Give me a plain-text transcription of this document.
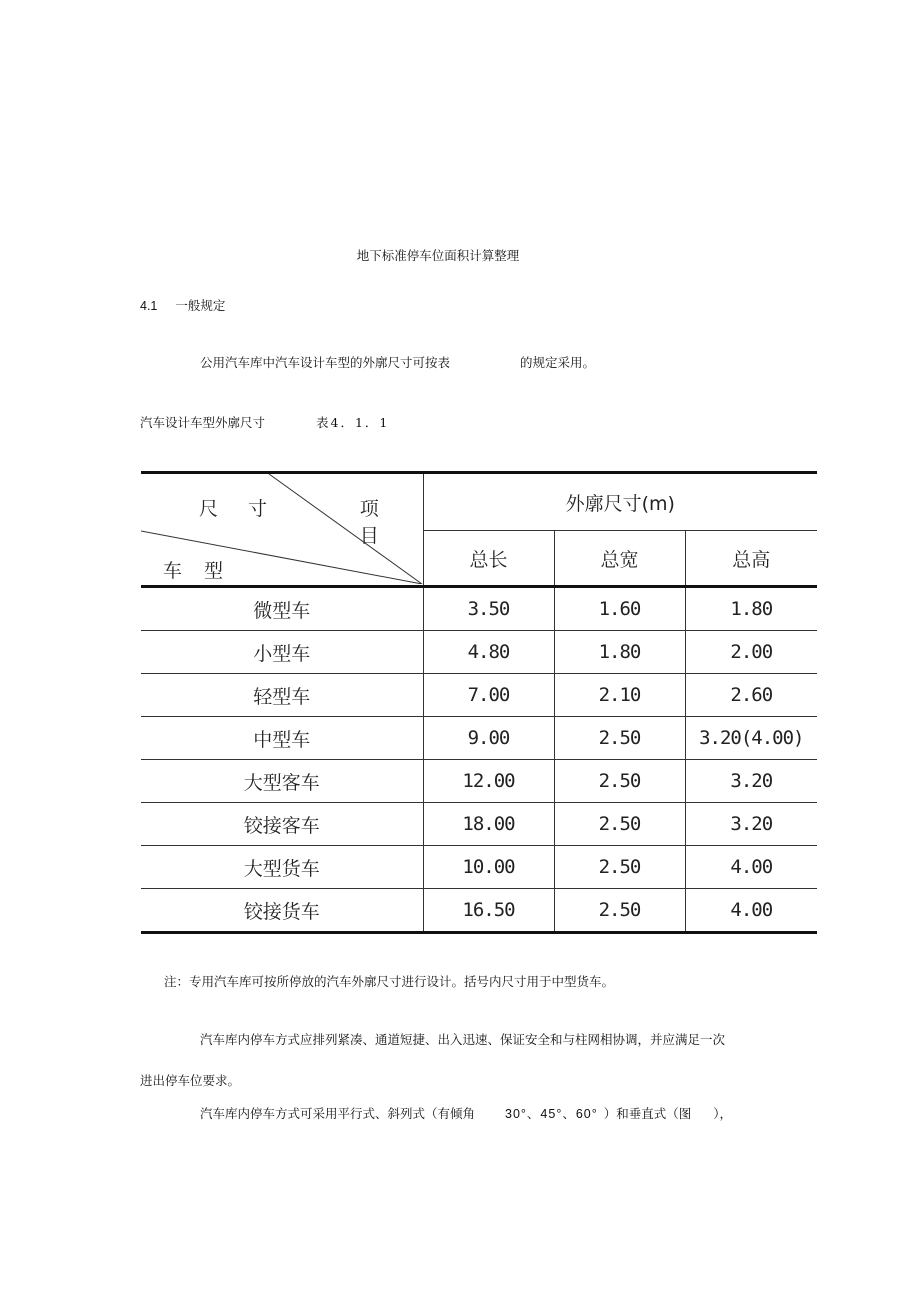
地下标准停车位面积计算整理
4.1 一般规定
公用汽车库中汽车设计车型的外廓尺寸可按表	的规定采用。
汽车设计车型外廓尺寸	表4．1．1
尺寸 项目
车型	外廓尺寸(m)		
	总长	总宽	总高
微型车	3.50	1.60	1.80
小型车	4.80	1.80	2.00
轻型车	7.00	2.10	2.60
中型车	9.00	2.50	3.20(4.00)
大型客车	12.00	2.50	3.20
铰接客车	18.00	2.50	3.20
大型货车	10.00	2.50	4.00
铰接货车	16.50	2.50	4.00
注：专用汽车库可按所停放的汽车外廓尺寸进行设计。括号内尺寸用于中型货车。
汽车库内停车方式应排列紧凑、通道短捷、出入迅速、保证安全和与柱网相协调，并应满足一次
进出停车位要求。
汽车库内停车方式可采用平行式、斜列式（有倾角 30°、45°、60° ）和垂直式（图 ），
